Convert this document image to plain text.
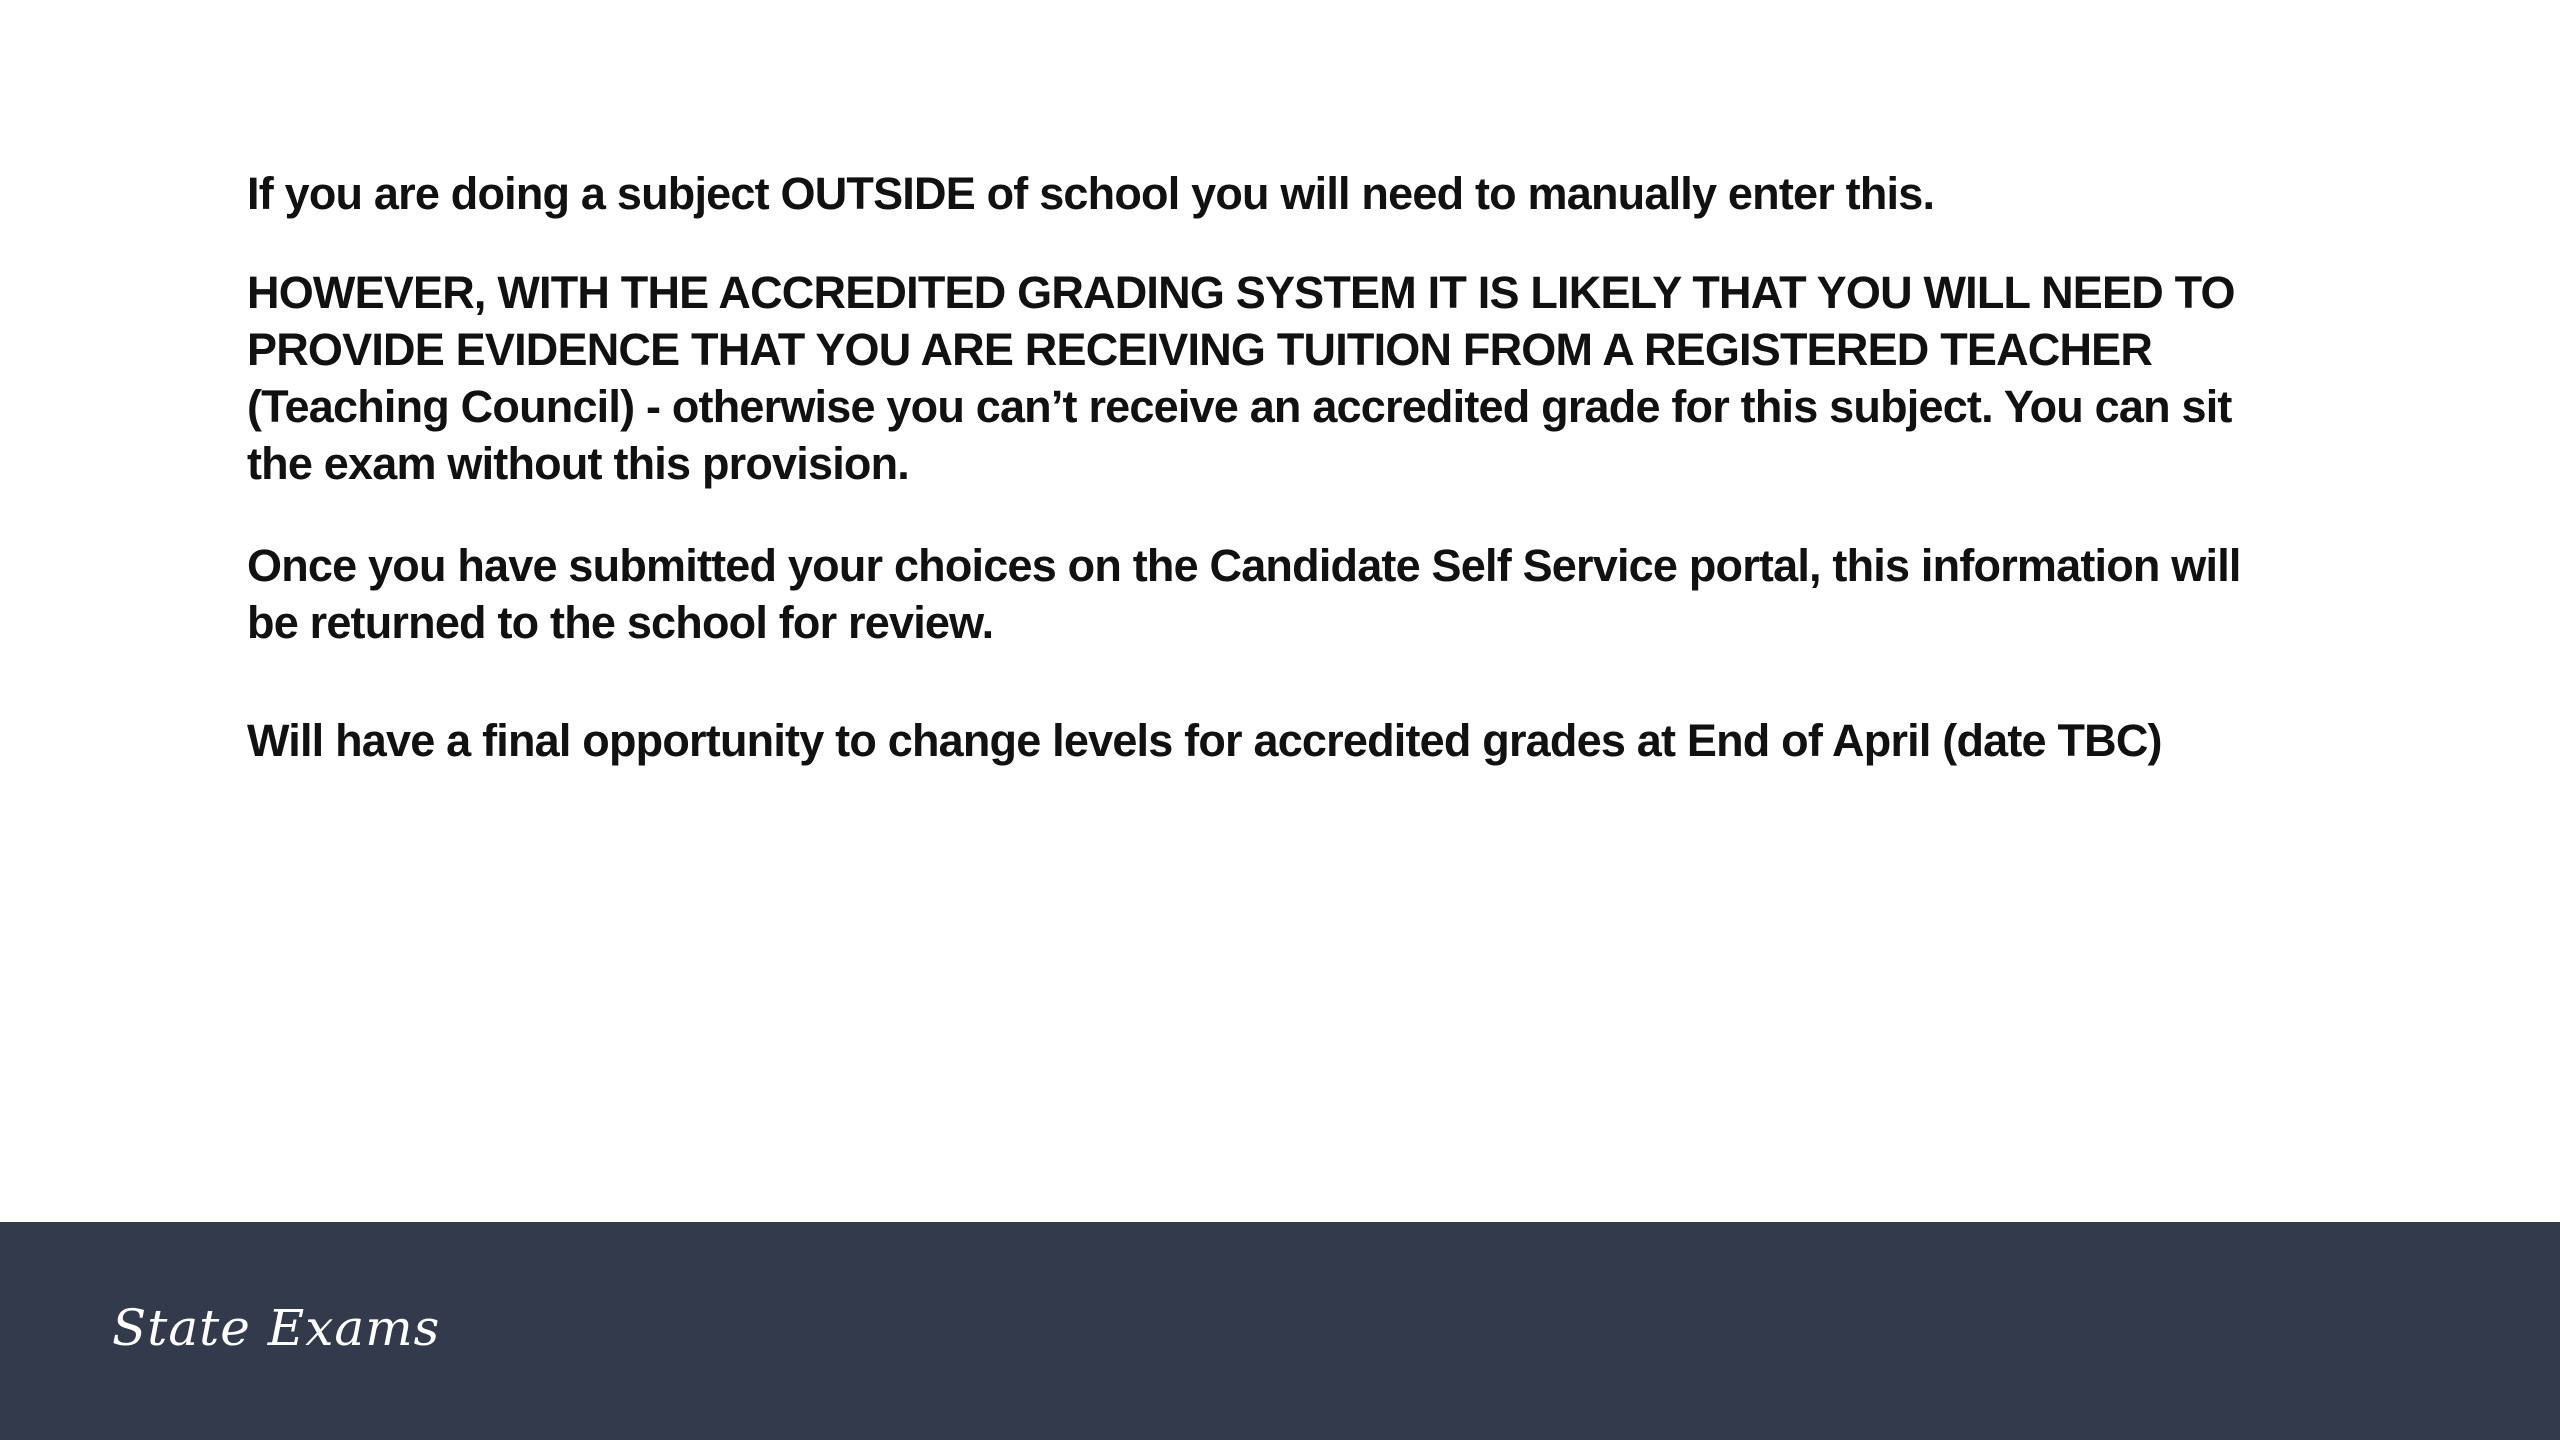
If you are doing a subject OUTSIDE of school you will need to manually enter this.

HOWEVER, WITH THE ACCREDITED GRADING SYSTEM IT IS LIKELY THAT YOU WILL NEED TO PROVIDE EVIDENCE THAT YOU ARE RECEIVING TUITION FROM A REGISTERED TEACHER (Teaching Council) - otherwise you can’t receive an accredited grade for this subject. You can sit the exam without this provision.

Once you have submitted your choices on the Candidate Self Service portal, this information will be returned to the school for review.

Will have a final opportunity to change levels for accredited grades at End of April (date TBC)

State Exams
